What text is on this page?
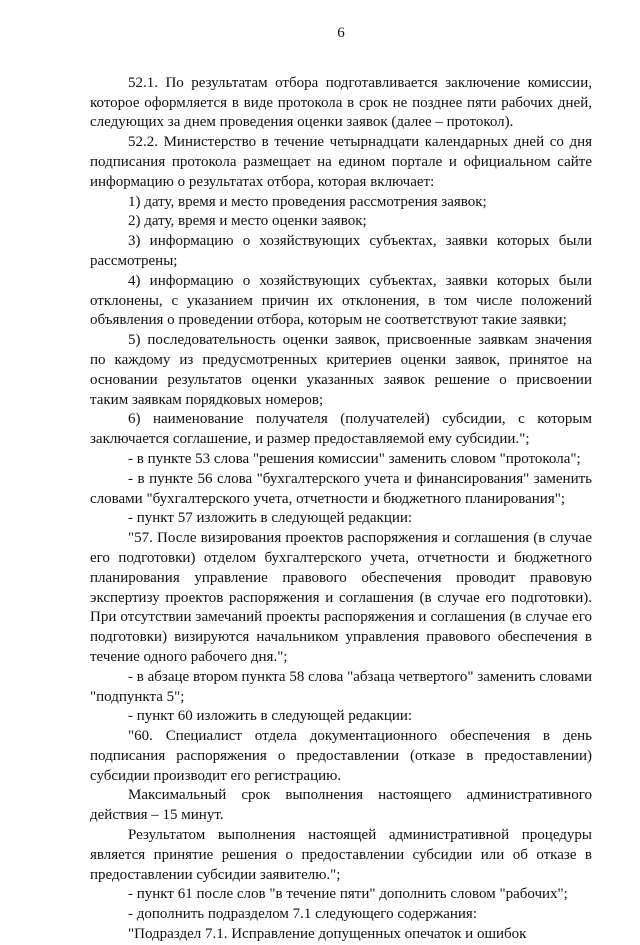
6

52.1. По результатам отбора подготавливается заключение комиссии, которое оформляется в виде протокола в срок не позднее пяти рабочих дней, следующих за днем проведения оценки заявок (далее – протокол).

52.2. Министерство в течение четырнадцати календарных дней со дня подписания протокола размещает на едином портале и официальном сайте информацию о результатах отбора, которая включает:

1) дату, время и место проведения рассмотрения заявок;

2) дату, время и место оценки заявок;

3) информацию о хозяйствующих субъектах, заявки которых были рассмотрены;

4) информацию о хозяйствующих субъектах, заявки которых были отклонены, с указанием причин их отклонения, в том числе положений объявления о проведении отбора, которым не соответствуют такие заявки;

5) последовательность оценки заявок, присвоенные заявкам значения по каждому из предусмотренных критериев оценки заявок, принятое на основании результатов оценки указанных заявок решение о присвоении таким заявкам порядковых номеров;

6) наименование получателя (получателей) субсидии, с которым заключается соглашение, и размер предоставляемой ему субсидии.";

- в пункте 53 слова "решения комиссии" заменить словом "протокола";

- в пункте 56 слова "бухгалтерского учета и финансирования" заменить словами "бухгалтерского учета, отчетности и бюджетного планирования";

- пункт 57 изложить в следующей редакции:

"57. После визирования проектов распоряжения и соглашения (в случае его подготовки) отделом бухгалтерского учета, отчетности и бюджетного планирования управление правового обеспечения проводит правовую экспертизу проектов распоряжения и соглашения (в случае его подготовки). При отсутствии замечаний проекты распоряжения и соглашения (в случае его подготовки) визируются начальником управления правового обеспечения в течение одного рабочего дня.";

- в абзаце втором пункта 58 слова "абзаца четвертого" заменить словами "подпункта 5";

- пункт 60 изложить в следующей редакции:

"60. Специалист отдела документационного обеспечения в день подписания распоряжения о предоставлении (отказе в предоставлении) субсидии производит его регистрацию.

Максимальный срок выполнения настоящего административного действия – 15 минут.

Результатом выполнения настоящей административной процедуры является принятие решения о предоставлении субсидии или об отказе в предоставлении субсидии заявителю.";

- пункт 61 после слов "в течение пяти" дополнить словом "рабочих";

- дополнить подразделом 7.1 следующего содержания:

"Подраздел 7.1. Исправление допущенных опечаток и ошибок
